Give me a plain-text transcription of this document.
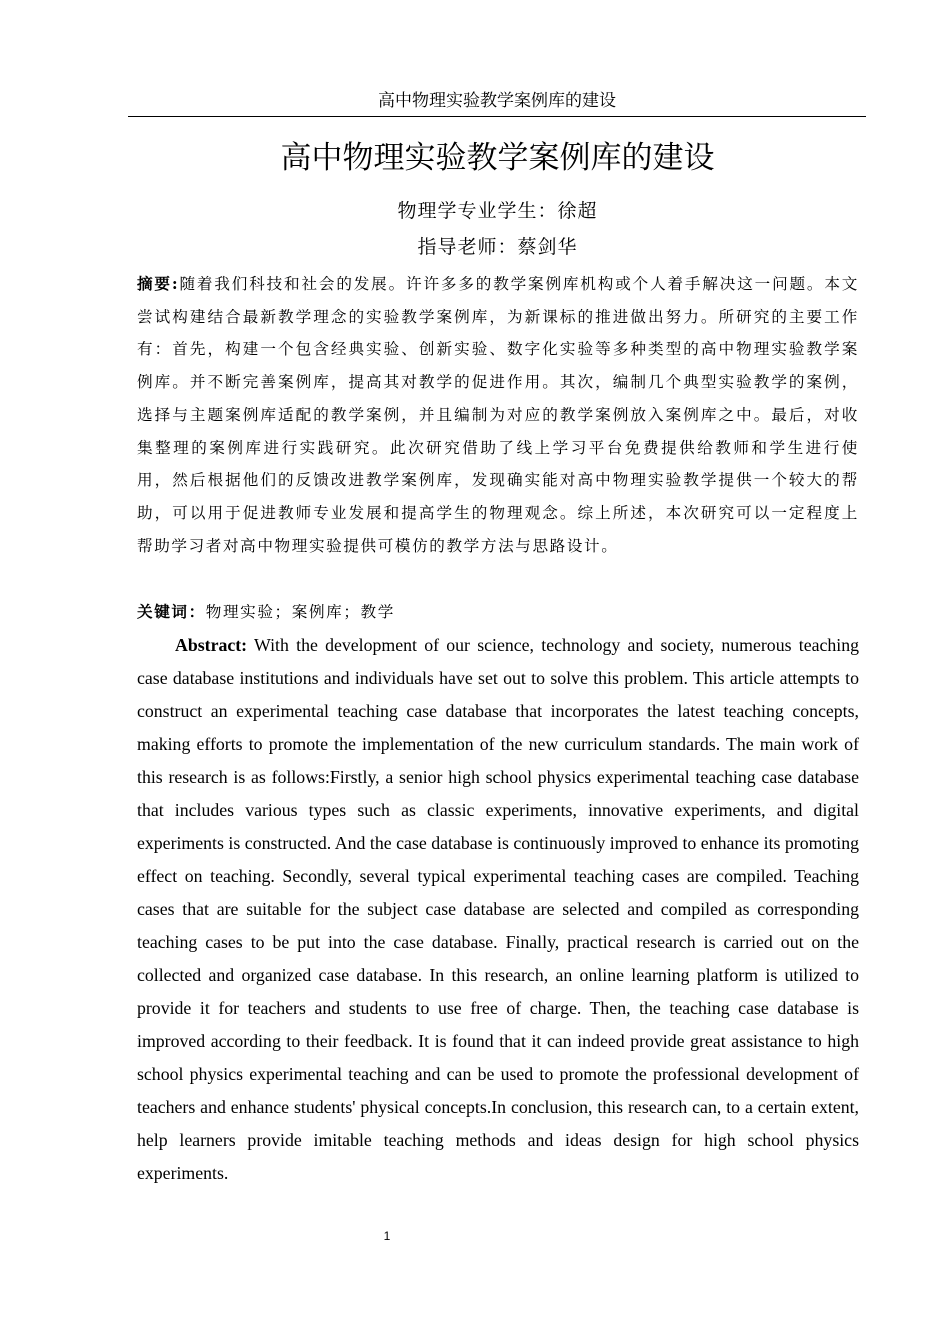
高中物理实验教学案例库的建设
高中物理实验教学案例库的建设
物理学专业学生：徐超
指导老师：蔡剑华

摘要:随着我们科技和社会的发展。许许多多的教学案例库机构或个人着手解决这一问题。本文尝试构建结合最新教学理念的实验教学案例库，为新课标的推进做出努力。所研究的主要工作有：首先，构建一个包含经典实验、创新实验、数字化实验等多种类型的高中物理实验教学案例库。并不断完善案例库，提高其对教学的促进作用。其次，编制几个典型实验教学的案例，选择与主题案例库适配的教学案例，并且编制为对应的教学案例放入案例库之中。最后，对收集整理的案例库进行实践研究。此次研究借助了线上学习平台免费提供给教师和学生进行使用，然后根据他们的反馈改进教学案例库，发现确实能对高中物理实验教学提供一个较大的帮助，可以用于促进教师专业发展和提高学生的物理观念。综上所述，本次研究可以一定程度上帮助学习者对高中物理实验提供可模仿的教学方法与思路设计。

关键词：物理实验；案例库；教学

Abstract: With the development of our science, technology and society, numerous teaching case database institutions and individuals have set out to solve this problem. This article attempts to construct an experimental teaching case database that incorporates the latest teaching concepts, making efforts to promote the implementation of the new curriculum standards. The main work of this research is as follows:Firstly, a senior high school physics experimental teaching case database that includes various types such as classic experiments, innovative experiments, and digital experiments is constructed. And the case database is continuously improved to enhance its promoting effect on teaching. Secondly, several typical experimental teaching cases are compiled. Teaching cases that are suitable for the subject case database are selected and compiled as corresponding teaching cases to be put into the case database. Finally, practical research is carried out on the collected and organized case database. In this research, an online learning platform is utilized to provide it for teachers and students to use free of charge. Then, the teaching case database is improved according to their feedback. It is found that it can indeed provide great assistance to high school physics experimental teaching and can be used to promote the professional development of teachers and enhance students' physical concepts.In conclusion, this research can, to a certain extent, help learners provide imitable teaching methods and ideas design for high school physics experiments.

1
